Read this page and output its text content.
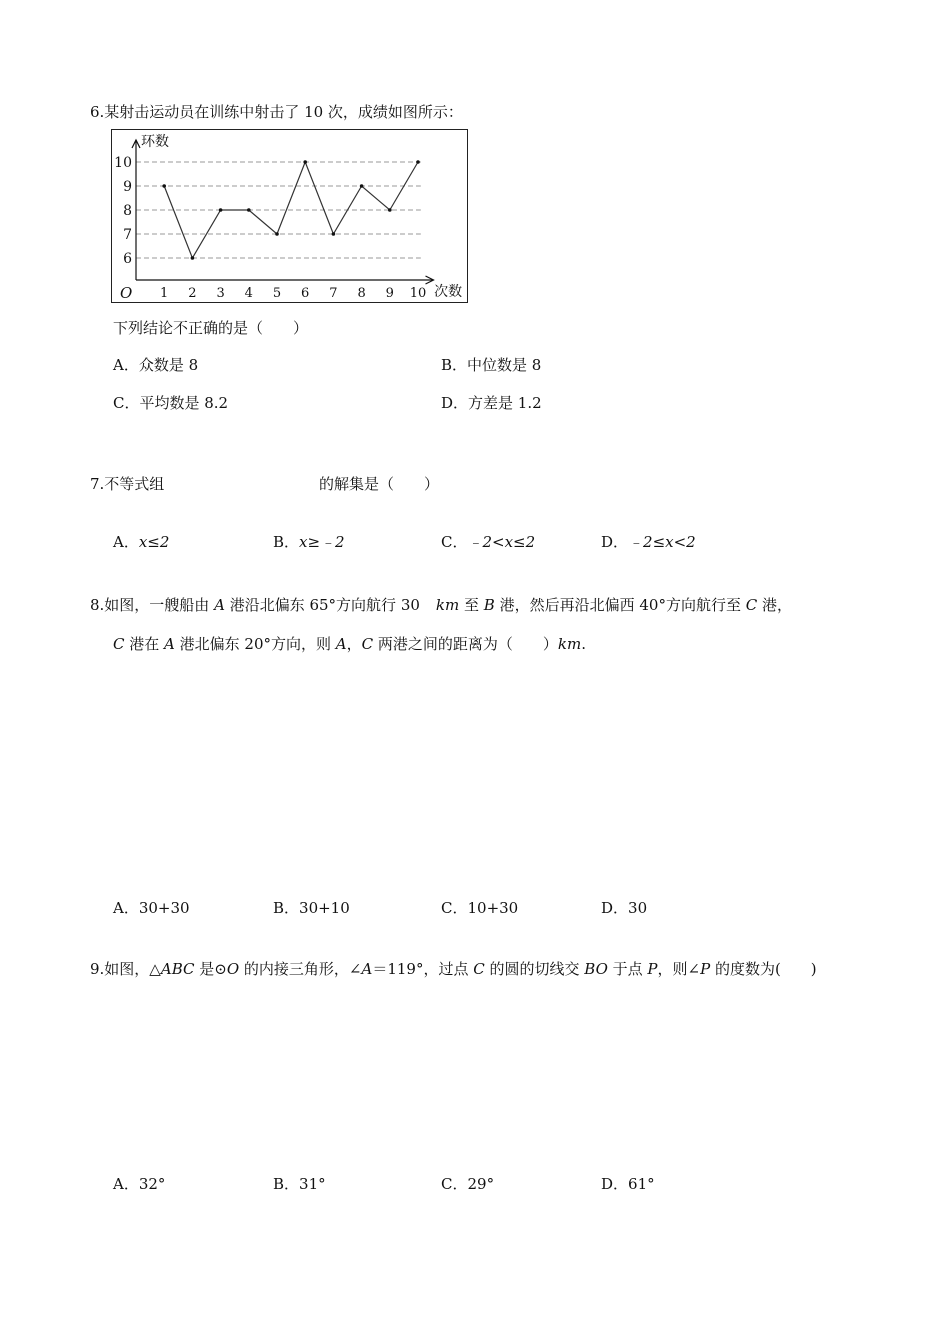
6.某射击运动员在训练中射击了 10 次，成绩如图所示：
6
7
8
9
10
环数
次数
O 1 2 3 4 5 6 7 8 9 10
下列结论不正确的是（　　）
A．众数是 8	B．中位数是 8
C．平均数是 8.2	D．方差是 1.2
7.不等式组	的解集是（　　）
A．x≤2	B．x≥﹣2	C．﹣2<x≤2	D．﹣2≤x<2
8.如图，一艘船由 A 港沿北偏东 65°方向航行 30 km 至 B 港，然后再沿北偏西 40°方向航行至 C 港，
C 港在 A 港北偏东 20°方向，则 A，C 两港之间的距离为（　　）km.
A．30+30	B．30+10	C．10+30	D．30
9.如图，△ABC 是⊙O 的内接三角形，∠A＝119°，过点 C 的圆的切线交 BO 于点 P，则∠P 的度数为(　　)
A．32°	B．31°	C．29°	D．61°
